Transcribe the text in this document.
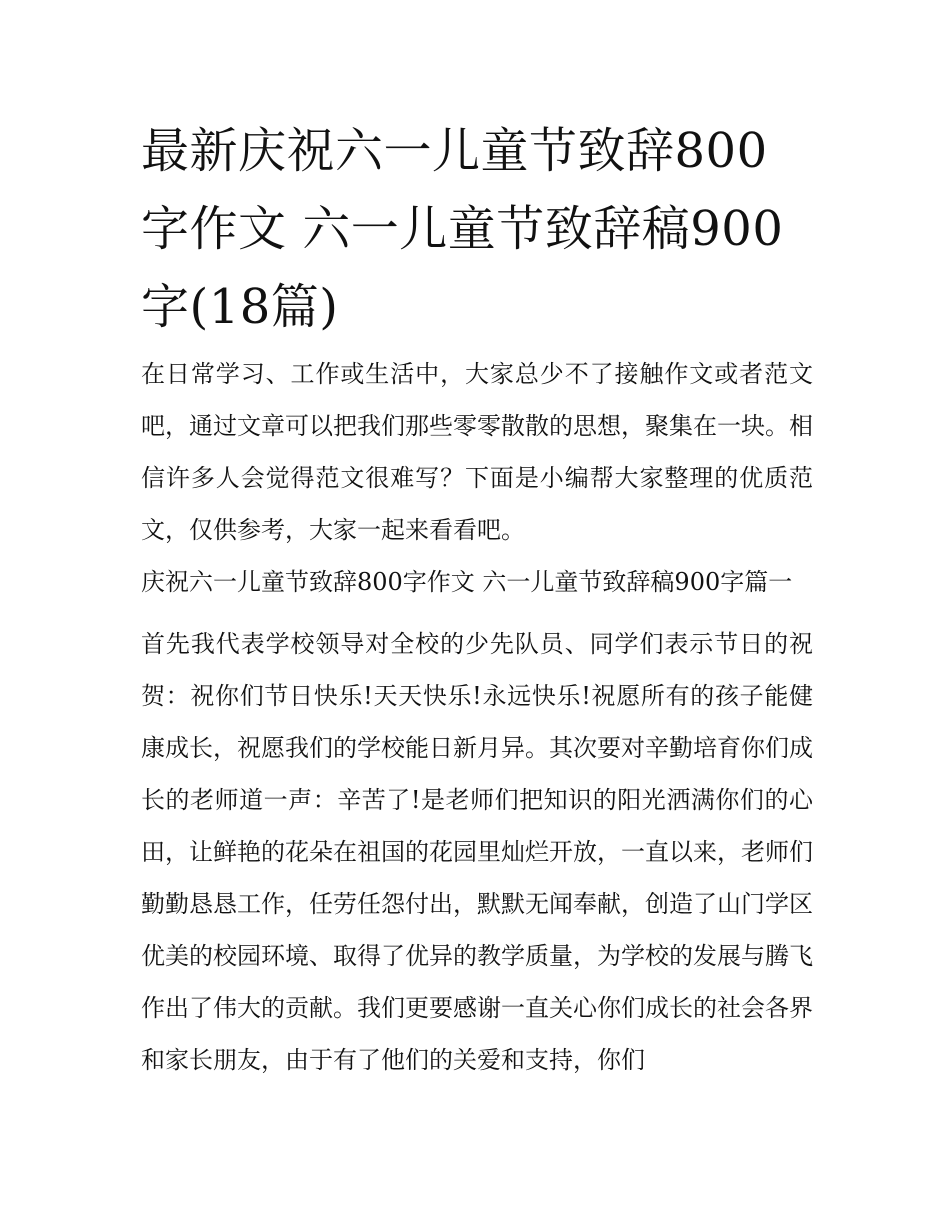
最新庆祝六一儿童节致辞800字作文 六一儿童节致辞稿900字(18篇)

在日常学习、工作或生活中，大家总少不了接触作文或者范文吧，通过文章可以把我们那些零零散散的思想，聚集在一块。相信许多人会觉得范文很难写？下面是小编帮大家整理的优质范文，仅供参考，大家一起来看看吧。

庆祝六一儿童节致辞800字作文 六一儿童节致辞稿900字篇一

首先我代表学校领导对全校的少先队员、同学们表示节日的祝贺：祝你们节日快乐!天天快乐!永远快乐!祝愿所有的孩子能健康成长，祝愿我们的学校能日新月异。其次要对辛勤培育你们成长的老师道一声：辛苦了!是老师们把知识的阳光洒满你们的心田，让鲜艳的花朵在祖国的花园里灿烂开放，一直以来，老师们勤勤恳恳工作，任劳任怨付出，默默无闻奉献，创造了山门学区优美的校园环境、取得了优异的教学质量，为学校的发展与腾飞作出了伟大的贡献。我们更要感谢一直关心你们成长的社会各界和家长朋友，由于有了他们的关爱和支持，你们
